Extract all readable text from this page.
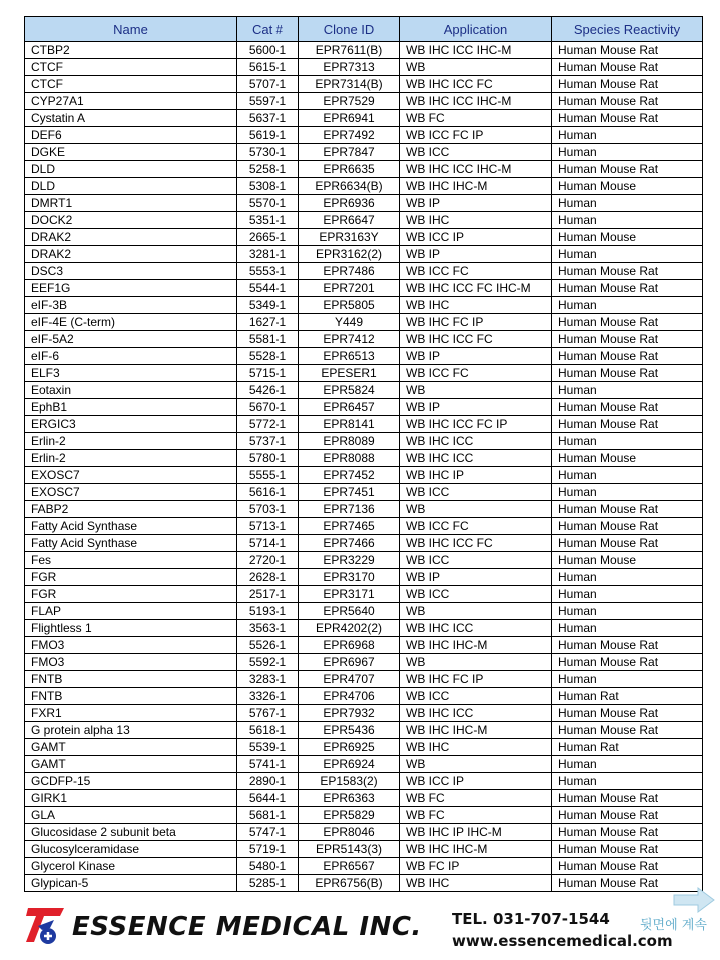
Name	Cat #	Clone ID	Application	Species Reactivity
CTBP2	5600-1	EPR7611(B)	WB IHC ICC IHC-M	Human Mouse Rat
CTCF	5615-1	EPR7313	WB	Human Mouse Rat
CTCF	5707-1	EPR7314(B)	WB IHC ICC FC	Human Mouse Rat
CYP27A1	5597-1	EPR7529	WB IHC ICC IHC-M	Human Mouse Rat
Cystatin A	5637-1	EPR6941	WB FC	Human Mouse Rat
DEF6	5619-1	EPR7492	WB ICC FC IP	Human
DGKE	5730-1	EPR7847	WB ICC	Human
DLD	5258-1	EPR6635	WB IHC ICC IHC-M	Human Mouse Rat
DLD	5308-1	EPR6634(B)	WB IHC IHC-M	Human Mouse
DMRT1	5570-1	EPR6936	WB IP	Human
DOCK2	5351-1	EPR6647	WB IHC	Human
DRAK2	2665-1	EPR3163Y	WB ICC IP	Human Mouse
DRAK2	3281-1	EPR3162(2)	WB IP	Human
DSC3	5553-1	EPR7486	WB ICC FC	Human Mouse Rat
EEF1G	5544-1	EPR7201	WB IHC ICC FC IHC-M	Human Mouse Rat
eIF-3B	5349-1	EPR5805	WB IHC	Human
eIF-4E (C-term)	1627-1	Y449	WB IHC FC IP	Human Mouse Rat
eIF-5A2	5581-1	EPR7412	WB IHC ICC FC	Human Mouse Rat
eIF-6	5528-1	EPR6513	WB IP	Human Mouse Rat
ELF3	5715-1	EPESER1	WB ICC FC	Human Mouse Rat
Eotaxin	5426-1	EPR5824	WB	Human
EphB1	5670-1	EPR6457	WB IP	Human Mouse Rat
ERGIC3	5772-1	EPR8141	WB IHC ICC FC IP	Human Mouse Rat
Erlin-2	5737-1	EPR8089	WB IHC ICC	Human
Erlin-2	5780-1	EPR8088	WB IHC ICC	Human Mouse
EXOSC7	5555-1	EPR7452	WB IHC IP	Human
EXOSC7	5616-1	EPR7451	WB ICC	Human
FABP2	5703-1	EPR7136	WB	Human Mouse Rat
Fatty Acid Synthase	5713-1	EPR7465	WB ICC FC	Human Mouse Rat
Fatty Acid Synthase	5714-1	EPR7466	WB IHC ICC FC	Human Mouse Rat
Fes	2720-1	EPR3229	WB ICC	Human Mouse
FGR	2628-1	EPR3170	WB IP	Human
FGR	2517-1	EPR3171	WB ICC	Human
FLAP	5193-1	EPR5640	WB	Human
Flightless 1	3563-1	EPR4202(2)	WB IHC ICC	Human
FMO3	5526-1	EPR6968	WB IHC IHC-M	Human Mouse Rat
FMO3	5592-1	EPR6967	WB	Human Mouse Rat
FNTB	3283-1	EPR4707	WB IHC FC IP	Human
FNTB	3326-1	EPR4706	WB ICC	Human Rat
FXR1	5767-1	EPR7932	WB IHC ICC	Human Mouse Rat
G protein alpha 13	5618-1	EPR5436	WB IHC IHC-M	Human Mouse Rat
GAMT	5539-1	EPR6925	WB IHC	Human Rat
GAMT	5741-1	EPR6924	WB	Human
GCDFP-15	2890-1	EP1583(2)	WB ICC IP	Human
GIRK1	5644-1	EPR6363	WB FC	Human Mouse Rat
GLA	5681-1	EPR5829	WB FC	Human Mouse Rat
Glucosidase 2 subunit beta	5747-1	EPR8046	WB IHC IP IHC-M	Human Mouse Rat
Glucosylceramidase	5719-1	EPR5143(3)	WB IHC IHC-M	Human Mouse Rat
Glycerol Kinase	5480-1	EPR6567	WB FC IP	Human Mouse Rat
Glypican-5	5285-1	EPR6756(B)	WB IHC	Human Mouse Rat
ESSENCE MEDICAL INC. TEL. 031-707-1544
www.essencemedical.com
뒷면에 계속
